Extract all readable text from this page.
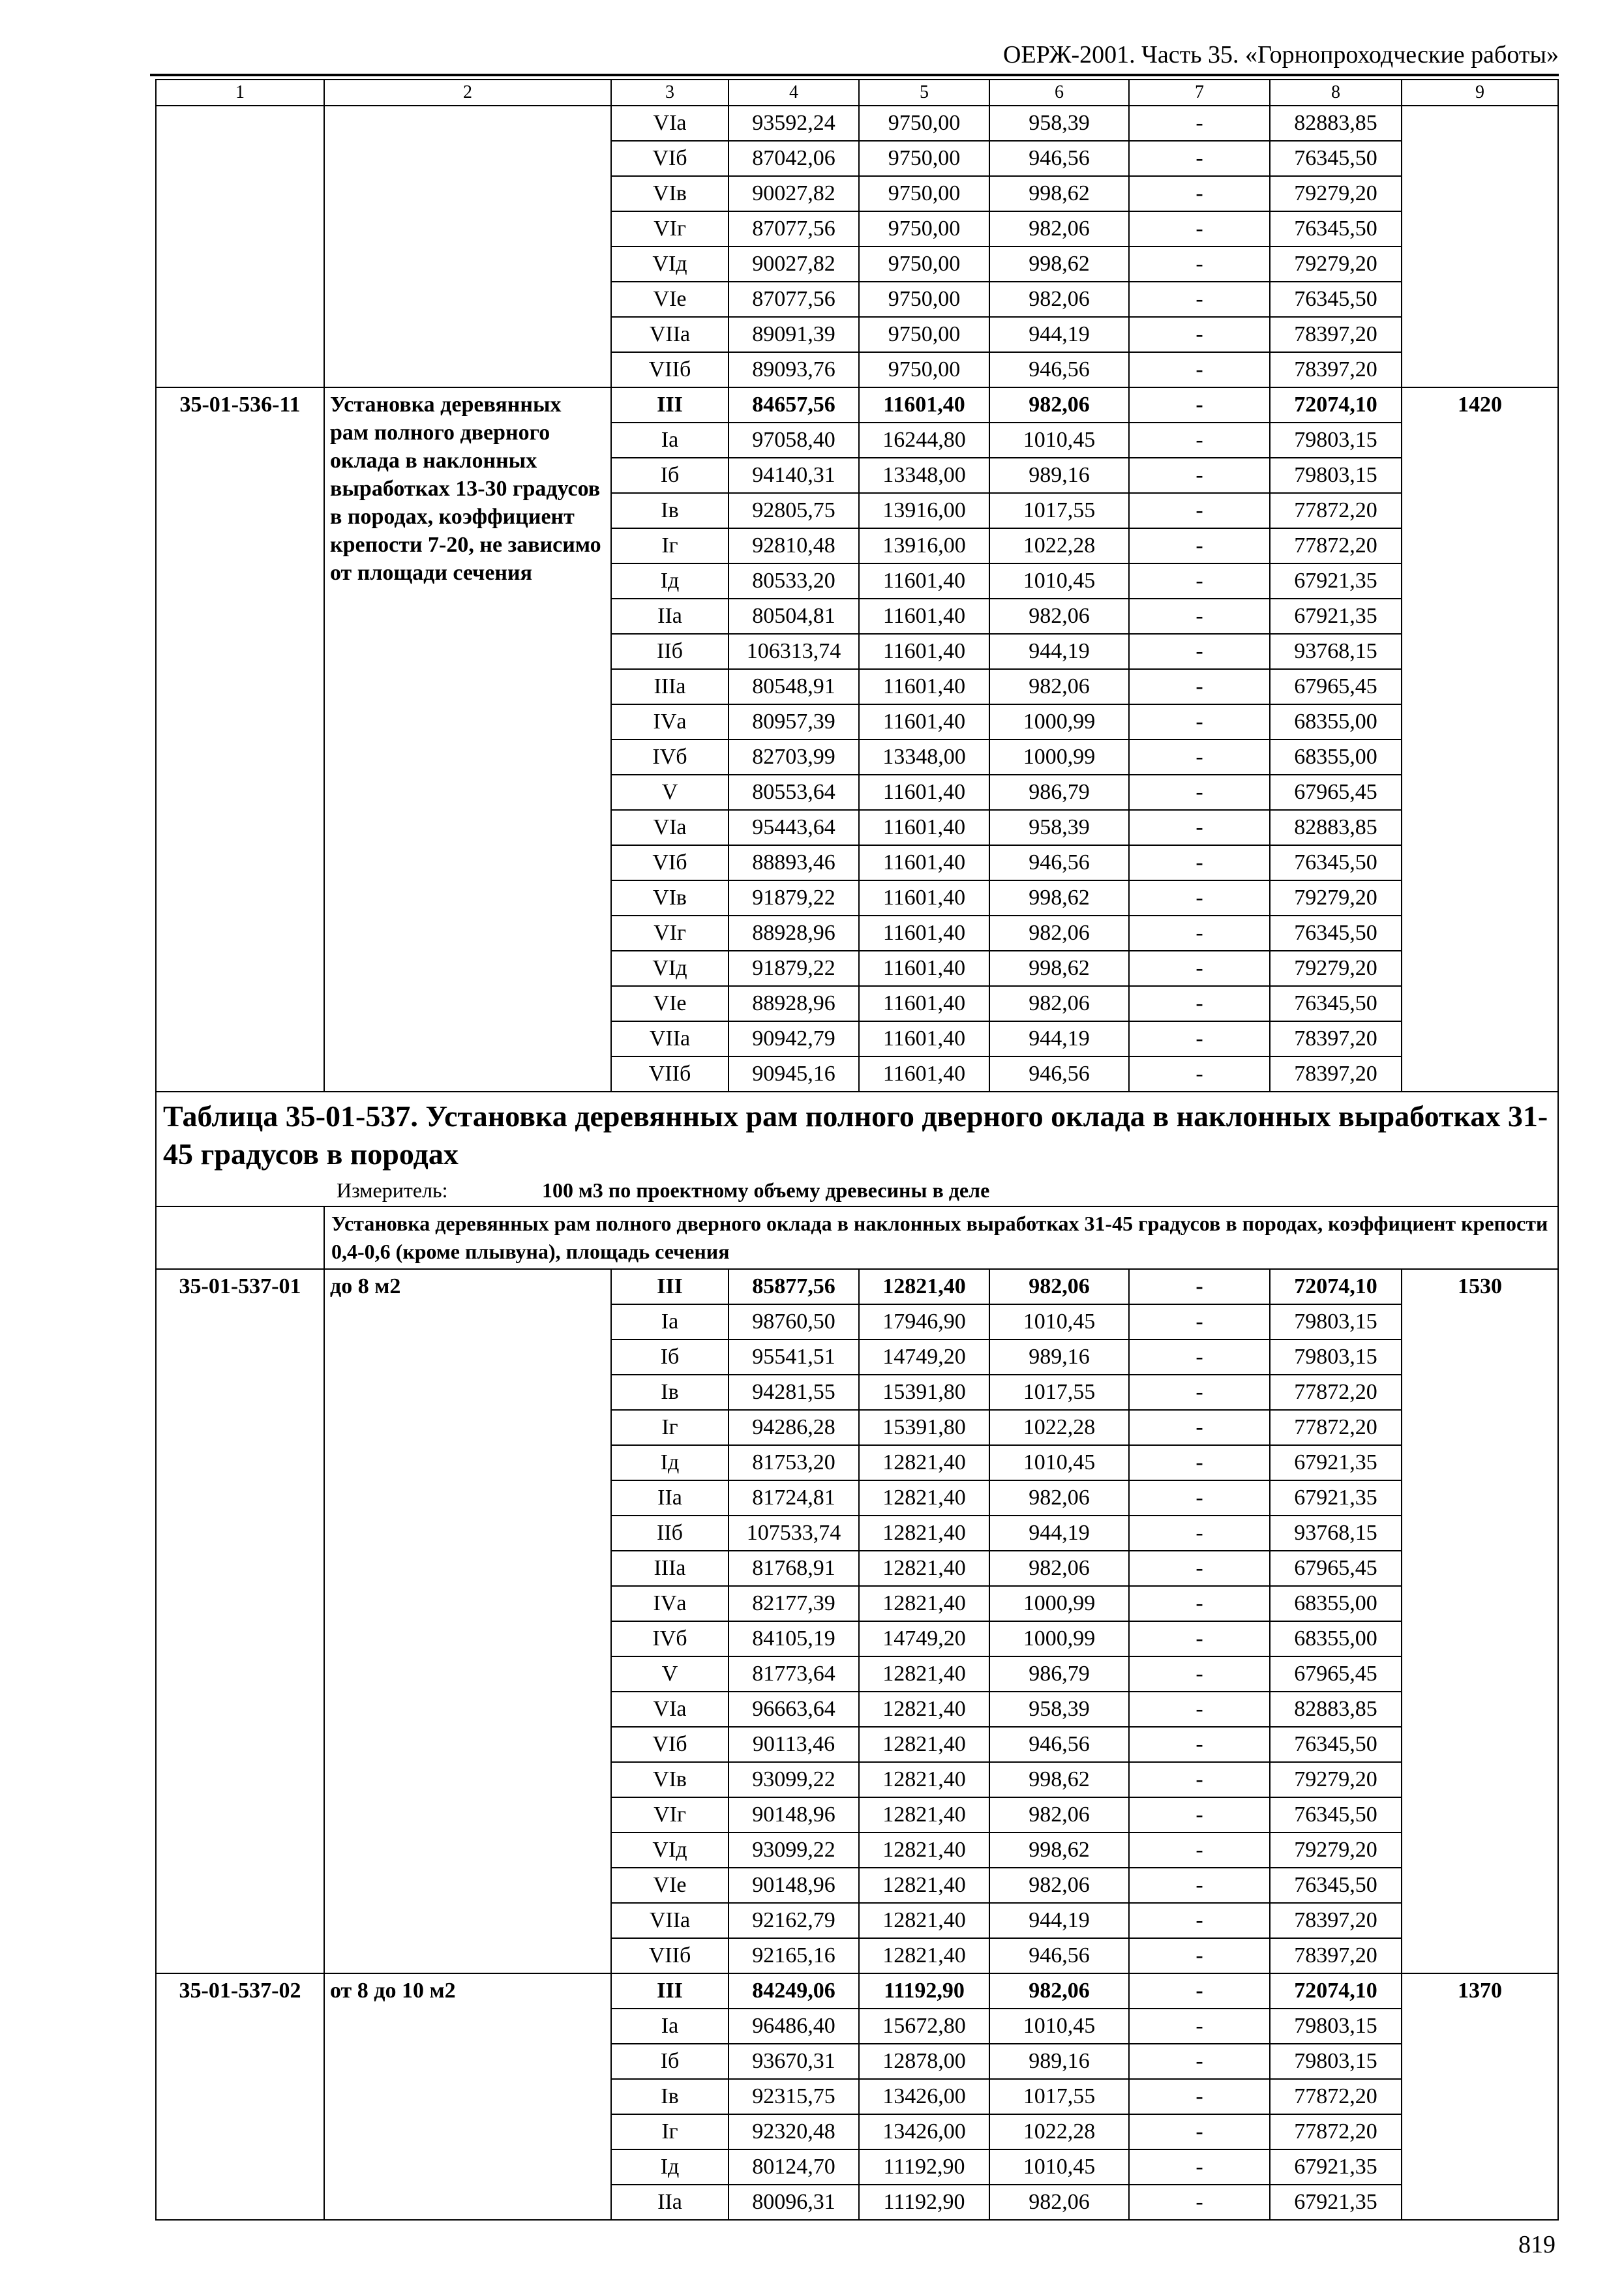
ОЕРЖ-2001. Часть 35. «Горнопроходческие работы»
1	2	3	4	5	6	7	8	9
		VIа	93592,24	9750,00	958,39	-	82883,85	
		VIб	87042,06	9750,00	946,56	-	76345,50	
		VIв	90027,82	9750,00	998,62	-	79279,20	
		VIг	87077,56	9750,00	982,06	-	76345,50	
		VIд	90027,82	9750,00	998,62	-	79279,20	
		VIе	87077,56	9750,00	982,06	-	76345,50	
		VIIа	89091,39	9750,00	944,19	-	78397,20	
		VIIб	89093,76	9750,00	946,56	-	78397,20	
35-01-536-11	Установка деревянных рам полного дверного оклада в наклонных выработках 13-30 градусов в породах, коэффициент крепости 7-20, не зависимо от площади сечения	III	84657,56	11601,40	982,06	-	72074,10	1420
		Iа	97058,40	16244,80	1010,45	-	79803,15	
		Iб	94140,31	13348,00	989,16	-	79803,15	
		Iв	92805,75	13916,00	1017,55	-	77872,20	
		Iг	92810,48	13916,00	1022,28	-	77872,20	
		Iд	80533,20	11601,40	1010,45	-	67921,35	
		IIа	80504,81	11601,40	982,06	-	67921,35	
		IIб	106313,74	11601,40	944,19	-	93768,15	
		IIIа	80548,91	11601,40	982,06	-	67965,45	
		IVа	80957,39	11601,40	1000,99	-	68355,00	
		IVб	82703,99	13348,00	1000,99	-	68355,00	
		V	80553,64	11601,40	986,79	-	67965,45	
		VIа	95443,64	11601,40	958,39	-	82883,85	
		VIб	88893,46	11601,40	946,56	-	76345,50	
		VIв	91879,22	11601,40	998,62	-	79279,20	
		VIг	88928,96	11601,40	982,06	-	76345,50	
		VIд	91879,22	11601,40	998,62	-	79279,20	
		VIе	88928,96	11601,40	982,06	-	76345,50	
		VIIа	90942,79	11601,40	944,19	-	78397,20	
		VIIб	90945,16	11601,40	946,56	-	78397,20	

Таблица 35-01-537. Установка деревянных рам полного дверного оклада в наклонных выработках 31-45 градусов в породах
Измеритель: 100 м3 по проектному объему древесины в деле								

	Установка деревянных рам полного дверного оклада в наклонных выработках 31-45 градусов в породах, коэффициент крепости 0,4-0,6 (кроме плывуна), площадь сечения							
35-01-537-01	до 8 м2	III	85877,56	12821,40	982,06	-	72074,10	1530
		Iа	98760,50	17946,90	1010,45	-	79803,15	
		Iб	95541,51	14749,20	989,16	-	79803,15	
		Iв	94281,55	15391,80	1017,55	-	77872,20	
		Iг	94286,28	15391,80	1022,28	-	77872,20	
		Iд	81753,20	12821,40	1010,45	-	67921,35	
		IIа	81724,81	12821,40	982,06	-	67921,35	
		IIб	107533,74	12821,40	944,19	-	93768,15	
		IIIа	81768,91	12821,40	982,06	-	67965,45	
		IVа	82177,39	12821,40	1000,99	-	68355,00	
		IVб	84105,19	14749,20	1000,99	-	68355,00	
		V	81773,64	12821,40	986,79	-	67965,45	
		VIа	96663,64	12821,40	958,39	-	82883,85	
		VIб	90113,46	12821,40	946,56	-	76345,50	
		VIв	93099,22	12821,40	998,62	-	79279,20	
		VIг	90148,96	12821,40	982,06	-	76345,50	
		VIд	93099,22	12821,40	998,62	-	79279,20	
		VIе	90148,96	12821,40	982,06	-	76345,50	
		VIIа	92162,79	12821,40	944,19	-	78397,20	
		VIIб	92165,16	12821,40	946,56	-	78397,20	
35-01-537-02	от 8 до 10 м2	III	84249,06	11192,90	982,06	-	72074,10	1370
		Iа	96486,40	15672,80	1010,45	-	79803,15	
		Iб	93670,31	12878,00	989,16	-	79803,15	
		Iв	92315,75	13426,00	1017,55	-	77872,20	
		Iг	92320,48	13426,00	1022,28	-	77872,20	
		Iд	80124,70	11192,90	1010,45	-	67921,35	
		IIа	80096,31	11192,90	982,06	-	67921,35	
819
